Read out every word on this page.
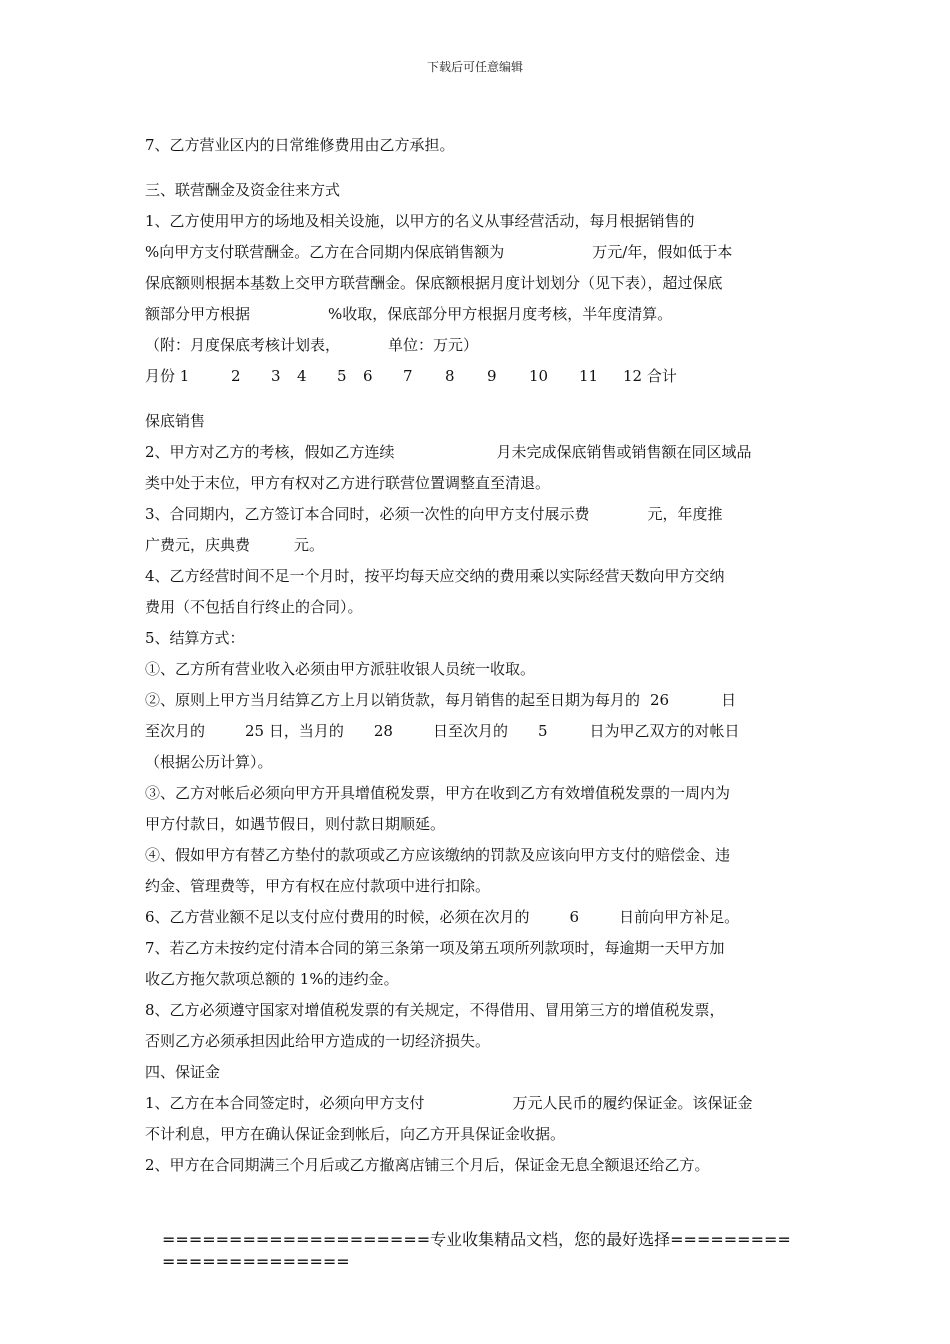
下载后可任意编辑
7、乙方营业区内的日常维修费用由乙方承担。
三、联营酬金及资金往来方式
1、乙方使用甲方的场地及相关设施，以甲方的名义从事经营活动，每月根据销售的
%向甲方支付联营酬金。乙方在合同期内保底销售额为	万元/年，假如低于本
保底额则根据本基数上交甲方联营酬金。保底额根据月度计划划分（见下表），超过保底
额部分甲方根据	%收取，保底部分甲方根据月度考核，半年度清算。
（附：月度保底考核计划表，	单位：万元）
月份 1	2 3 4 5 6 7 8 9 10 11 12 合计
保底销售
2、甲方对乙方的考核，假如乙方连续	月未完成保底销售或销售额在同区域品
类中处于末位，甲方有权对乙方进行联营位置调整直至清退。
3、合同期内，乙方签订本合同时，必须一次性的向甲方支付展示费	元，年度推
广费元，庆典费	元。
4、乙方经营时间不足一个月时，按平均每天应交纳的费用乘以实际经营天数向甲方交纳
费用（不包括自行终止的合同）。
5、结算方式：
①、乙方所有营业收入必须由甲方派驻收银人员统一收取。
②、原则上甲方当月结算乙方上月以销货款，每月销售的起至日期为每月的 26	日
至次月的	25 日，当月的 28	日至次月的 5	日为甲乙双方的对帐日
（根据公历计算）。
③、乙方对帐后必须向甲方开具增值税发票，甲方在收到乙方有效增值税发票的一周内为
甲方付款日，如遇节假日，则付款日期顺延。
④、假如甲方有替乙方垫付的款项或乙方应该缴纳的罚款及应该向甲方支付的赔偿金、违
约金、管理费等，甲方有权在应付款项中进行扣除。
6、乙方营业额不足以支付应付费用的时候，必须在次月的	6	日前向甲方补足。
7、若乙方未按约定付清本合同的第三条第一项及第五项所列款项时，每逾期一天甲方加
收乙方拖欠款项总额的 1%的违约金。
8、乙方必须遵守国家对增值税发票的有关规定，不得借用、冒用第三方的增值税发票，
否则乙方必须承担因此给甲方造成的一切经济损失。
四、保证金
1、乙方在本合同签定时，必须向甲方支付	万元人民币的履约保证金。该保证金
不计利息，甲方在确认保证金到帐后，向乙方开具保证金收据。
2、甲方在合同期满三个月后或乙方撤离店铺三个月后，保证金无息全额退还给乙方。
====================专业收集精品文档，您的最好选择=======================
